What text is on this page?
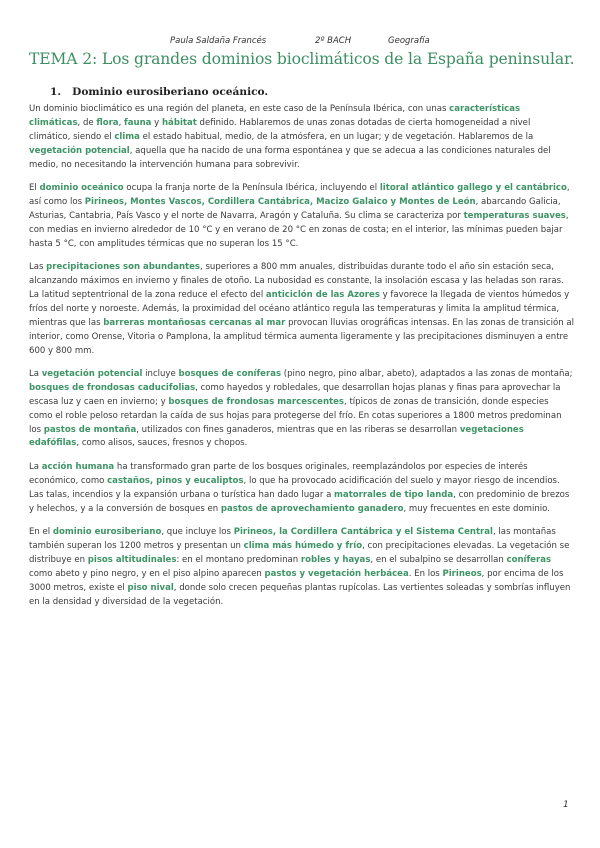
Paula Saldaña Francés	2º BACH	Geografía
TEMA 2: Los grandes dominios bioclimáticos de la España peninsular.
1. Dominio eurosiberiano oceánico.

Un dominio bioclimático es una región del planeta, en este caso de la Península Ibérica, con unas características climáticas, de flora, fauna y hábitat definido. Hablaremos de unas zonas dotadas de cierta homogeneidad a nivel climático, siendo el clima el estado habitual, medio, de la atmósfera, en un lugar; y de vegetación. Hablaremos de la vegetación potencial, aquella que ha nacido de una forma espontánea y que se adecua a las condiciones naturales del medio, no necesitando la intervención humana para sobrevivir.

El dominio oceánico ocupa la franja norte de la Península Ibérica, incluyendo el litoral atlántico gallego y el cantábrico, así como los Pirineos, Montes Vascos, Cordillera Cantábrica, Macizo Galaico y Montes de León, abarcando Galicia, Asturias, Cantabria, País Vasco y el norte de Navarra, Aragón y Cataluña. Su clima se caracteriza por temperaturas suaves, con medias en invierno alrededor de 10 °C y en verano de 20 °C en zonas de costa; en el interior, las mínimas pueden bajar hasta 5 °C, con amplitudes térmicas que no superan los 15 °C.

Las precipitaciones son abundantes, superiores a 800 mm anuales, distribuidas durante todo el año sin estación seca, alcanzando máximos en invierno y finales de otoño. La nubosidad es constante, la insolación escasa y las heladas son raras. La latitud septentrional de la zona reduce el efecto del anticiclón de las Azores y favorece la llegada de vientos húmedos y fríos del norte y noroeste. Además, la proximidad del océano atlántico regula las temperaturas y limita la amplitud térmica, mientras que las barreras montañosas cercanas al mar provocan lluvias orográficas intensas. En las zonas de transición al interior, como Orense, Vitoria o Pamplona, la amplitud térmica aumenta ligeramente y las precipitaciones disminuyen a entre 600 y 800 mm.

La vegetación potencial incluye bosques de coníferas (pino negro, pino albar, abeto), adaptados a las zonas de montaña; bosques de frondosas caducifolias, como hayedos y robledales, que desarrollan hojas planas y finas para aprovechar la escasa luz y caen en invierno; y bosques de frondosas marcescentes, típicos de zonas de transición, donde especies como el roble peloso retardan la caída de sus hojas para protegerse del frío. En cotas superiores a 1800 metros predominan los pastos de montaña, utilizados con fines ganaderos, mientras que en las riberas se desarrollan vegetaciones edafófilas, como alisos, sauces, fresnos y chopos.

La acción humana ha transformado gran parte de los bosques originales, reemplazándolos por especies de interés económico, como castaños, pinos y eucaliptos, lo que ha provocado acidificación del suelo y mayor riesgo de incendios. Las talas, incendios y la expansión urbana o turística han dado lugar a matorrales de tipo landa, con predominio de brezos y helechos, y a la conversión de bosques en pastos de aprovechamiento ganadero, muy frecuentes en este dominio.

En el dominio eurosiberiano, que incluye los Pirineos, la Cordillera Cantábrica y el Sistema Central, las montañas también superan los 1200 metros y presentan un clima más húmedo y frío, con precipitaciones elevadas. La vegetación se distribuye en pisos altitudinales: en el montano predominan robles y hayas, en el subalpino se desarrollan coníferas como abeto y pino negro, y en el piso alpino aparecen pastos y vegetación herbácea. En los Pirineos, por encima de los 3000 metros, existe el piso nival, donde solo crecen pequeñas plantas rupícolas. Las vertientes soleadas y sombrías influyen en la densidad y diversidad de la vegetación.

1
